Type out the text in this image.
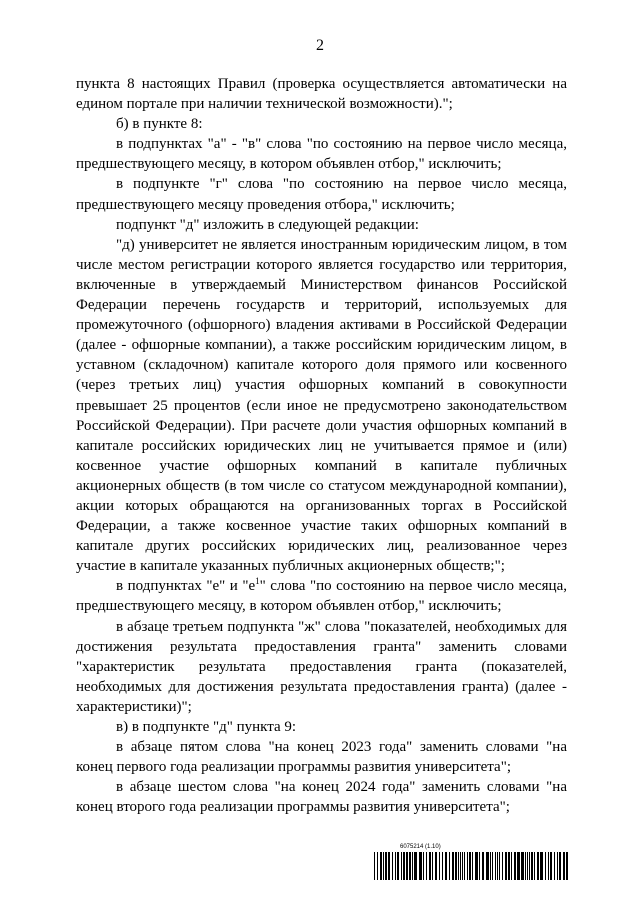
2

пункта 8 настоящих Правил (проверка осуществляется автоматически на едином портале при наличии технической возможности).";

б) в пункте 8:

в подпунктах "а" - "в" слова "по состоянию на первое число месяца, предшествующего месяцу, в котором объявлен отбор," исключить;

в подпункте "г" слова "по состоянию на первое число месяца, предшествующего месяцу проведения отбора," исключить;

подпункт "д" изложить в следующей редакции:

"д) университет не является иностранным юридическим лицом, в том числе местом регистрации которого является государство или территория, включенные в утверждаемый Министерством финансов Российской Федерации перечень государств и территорий, используемых для промежуточного (офшорного) владения активами в Российской Федерации (далее - офшорные компании), а также российским юридическим лицом, в уставном (складочном) капитале которого доля прямого или косвенного (через третьих лиц) участия офшорных компаний в совокупности превышает 25 процентов (если иное не предусмотрено законодательством Российской Федерации). При расчете доли участия офшорных компаний в капитале российских юридических лиц не учитывается прямое и (или) косвенное участие офшорных компаний в капитале публичных акционерных обществ (в том числе со статусом международной компании), акции которых обращаются на организованных торгах в Российской Федерации, а также косвенное участие таких офшорных компаний в капитале других российских юридических лиц, реализованное через участие в капитале указанных публичных акционерных обществ;";

в подпунктах "е" и "$е^1$" слова "по состоянию на первое число месяца, предшествующего месяцу, в котором объявлен отбор," исключить;

в абзаце третьем подпункта "ж" слова "показателей, необходимых для достижения результата предоставления гранта" заменить словами "характеристик результата предоставления гранта (показателей, необходимых для достижения результата предоставления гранта) (далее - характеристики)";

в) в подпункте "д" пункта 9:

в абзаце пятом слова "на конец 2023 года" заменить словами "на конец первого года реализации программы развития университета";

в абзаце шестом слова "на конец 2024 года" заменить словами "на конец второго года реализации программы развития университета";

6075214 (1.10)
